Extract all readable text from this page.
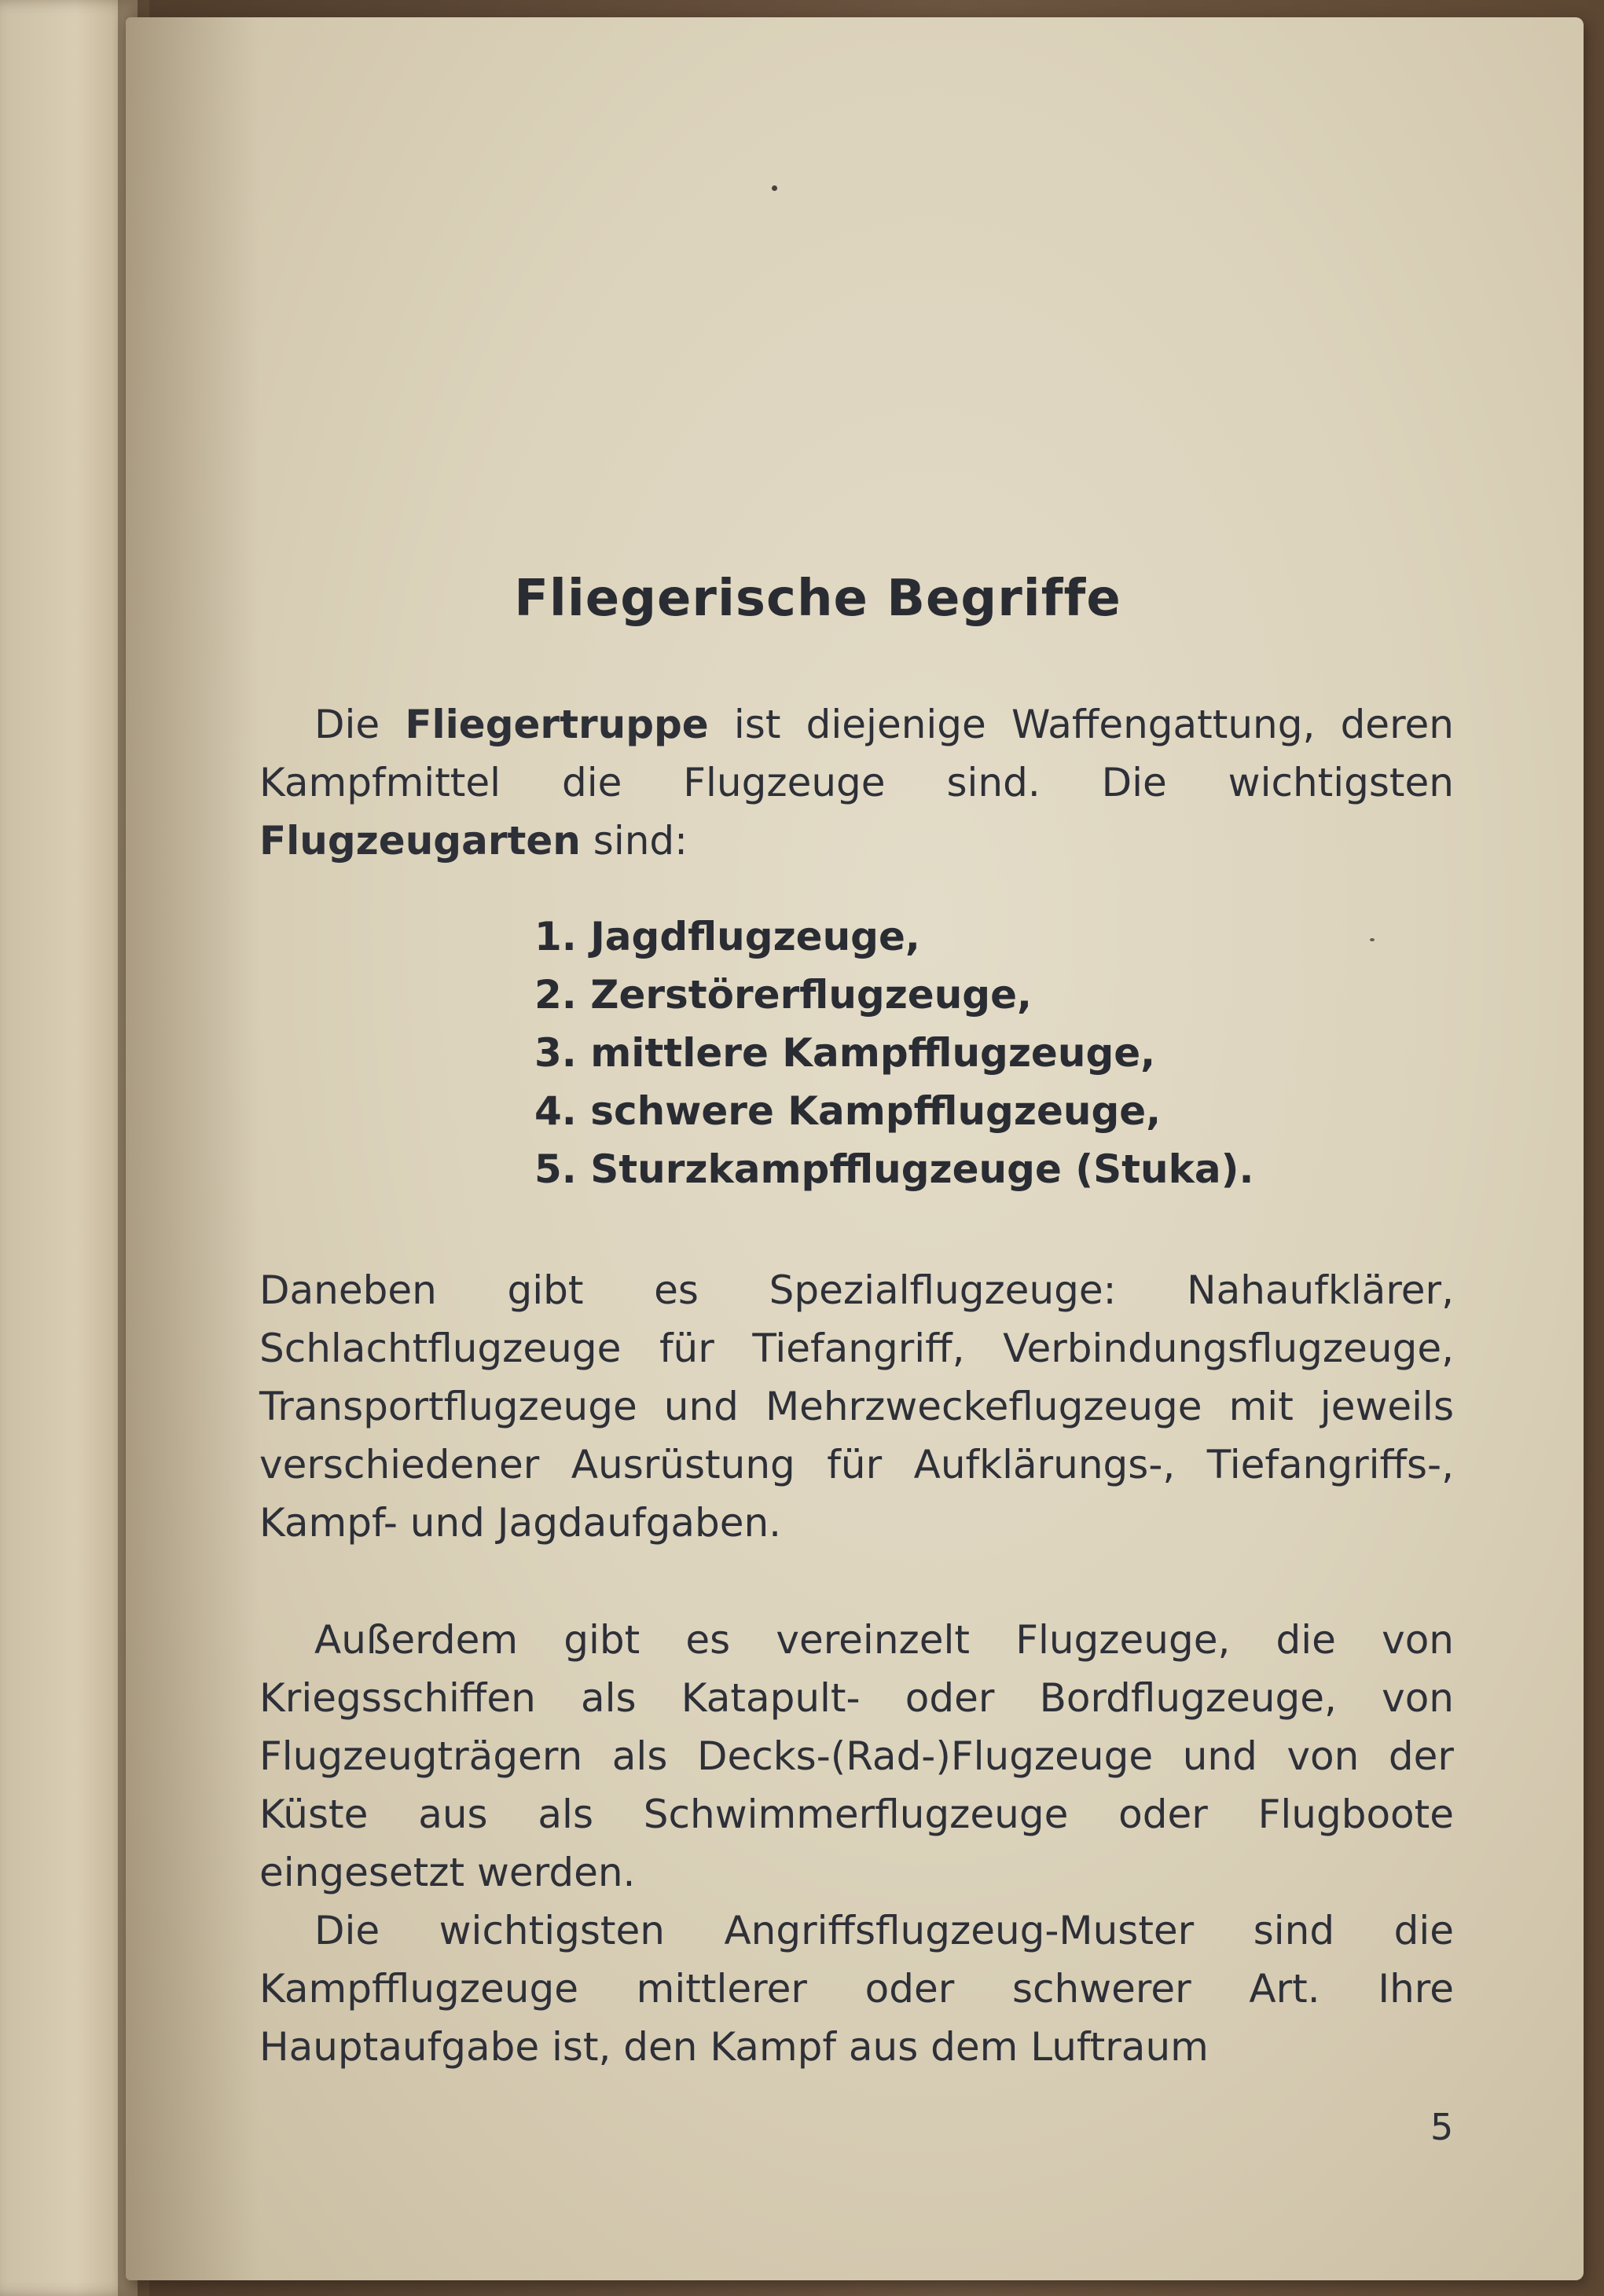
Fliegerische Begriffe
Die Fliegertruppe ist diejenige Waffengattung, deren Kampfmittel die Flugzeuge sind. Die wichtigsten Flugzeugarten sind:
1. Jagdflugzeuge,
2. Zerstörerflugzeuge,
3. mittlere Kampfflugzeuge,
4. schwere Kampfflugzeuge,
5. Sturzkampfflugzeuge (Stuka).
Daneben gibt es Spezialflugzeuge: Nahaufklärer, Schlachtflugzeuge für Tiefangriff, Verbindungsflugzeuge, Transportflugzeuge und Mehrzweckeflugzeuge mit jeweils verschiedener Ausrüstung für Aufklärungs-, Tiefangriffs-, Kampf- und Jagdaufgaben.
Außerdem gibt es vereinzelt Flugzeuge, die von Kriegsschiffen als Katapult- oder Bordflugzeuge, von Flugzeugträgern als Decks-(Rad-)Flugzeuge und von der Küste aus als Schwimmerflugzeuge oder Flugboote eingesetzt werden.
Die wichtigsten Angriffsflugzeug-Muster sind die Kampfflugzeuge mittlerer oder schwerer Art. Ihre Hauptaufgabe ist, den Kampf aus dem Luftraum
5
